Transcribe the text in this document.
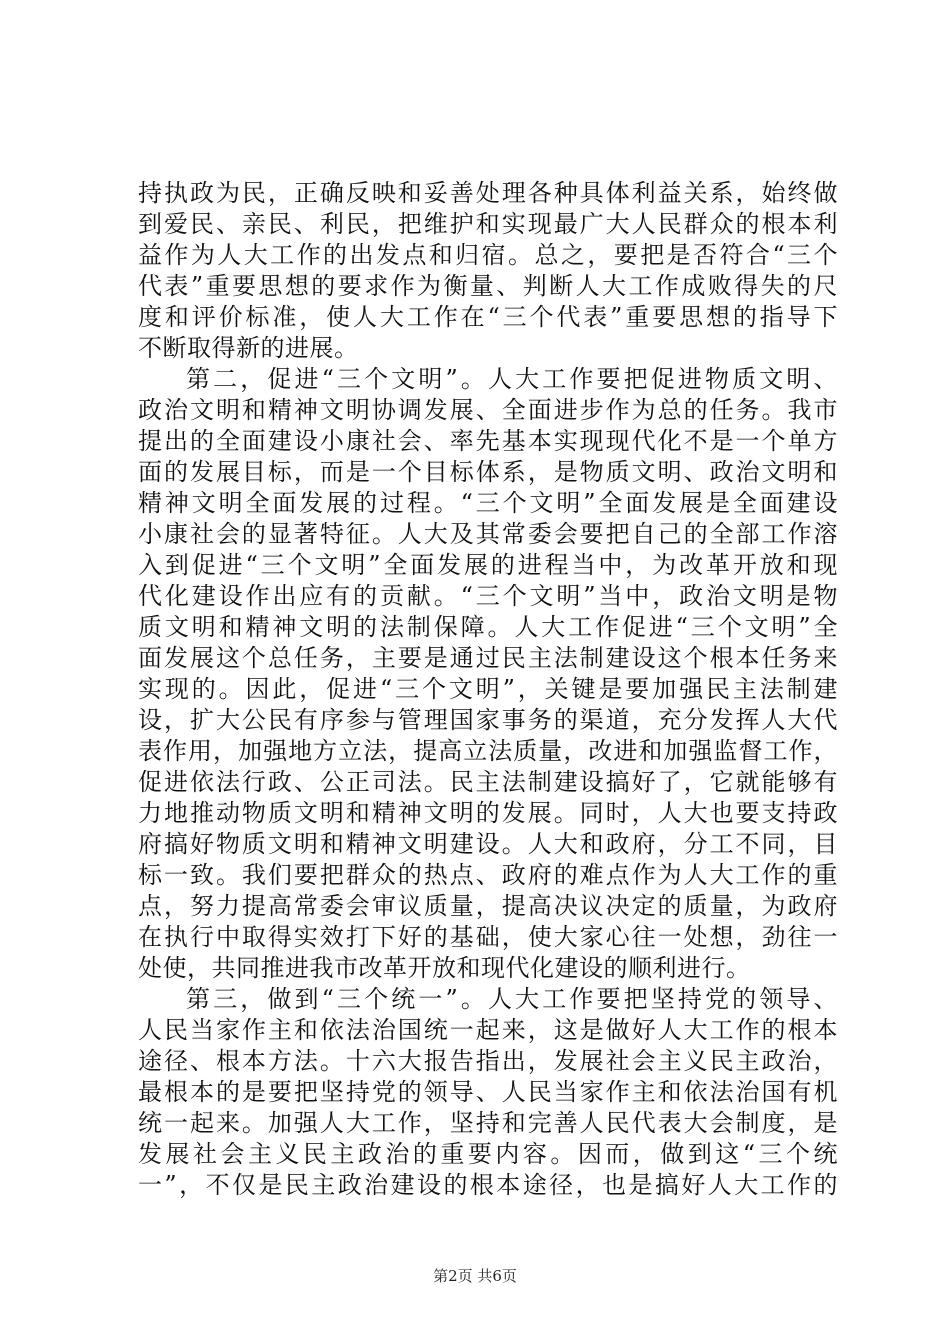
持执政为民，正确反映和妥善处理各种具体利益关系，始终做
到爱民、亲民、利民，把维护和实现最广大人民群众的根本利
益作为人大工作的出发点和归宿。总之，要把是否符合“三个
代表”重要思想的要求作为衡量、判断人大工作成败得失的尺
度和评价标准，使人大工作在“三个代表”重要思想的指导下
不断取得新的进展。
第二，促进“三个文明”。人大工作要把促进物质文明、
政治文明和精神文明协调发展、全面进步作为总的任务。我市
提出的全面建设小康社会、率先基本实现现代化不是一个单方
面的发展目标，而是一个目标体系，是物质文明、政治文明和
精神文明全面发展的过程。“三个文明”全面发展是全面建设
小康社会的显著特征。人大及其常委会要把自己的全部工作溶
入到促进“三个文明”全面发展的进程当中，为改革开放和现
代化建设作出应有的贡献。“三个文明”当中，政治文明是物
质文明和精神文明的法制保障。人大工作促进“三个文明”全
面发展这个总任务，主要是通过民主法制建设这个根本任务来
实现的。因此，促进“三个文明”，关键是要加强民主法制建
设，扩大公民有序参与管理国家事务的渠道，充分发挥人大代
表作用，加强地方立法，提高立法质量，改进和加强监督工作，
促进依法行政、公正司法。民主法制建设搞好了，它就能够有
力地推动物质文明和精神文明的发展。同时，人大也要支持政
府搞好物质文明和精神文明建设。人大和政府，分工不同，目
标一致。我们要把群众的热点、政府的难点作为人大工作的重
点，努力提高常委会审议质量，提高决议决定的质量，为政府
在执行中取得实效打下好的基础，使大家心往一处想，劲往一
处使，共同推进我市改革开放和现代化建设的顺利进行。
第三，做到“三个统一”。人大工作要把坚持党的领导、
人民当家作主和依法治国统一起来，这是做好人大工作的根本
途径、根本方法。十六大报告指出，发展社会主义民主政治，
最根本的是要把坚持党的领导、人民当家作主和依法治国有机
统一起来。加强人大工作，坚持和完善人民代表大会制度，是
发展社会主义民主政治的重要内容。因而，做到这“三个统
一”，不仅是民主政治建设的根本途径，也是搞好人大工作的
第2页 共6页
